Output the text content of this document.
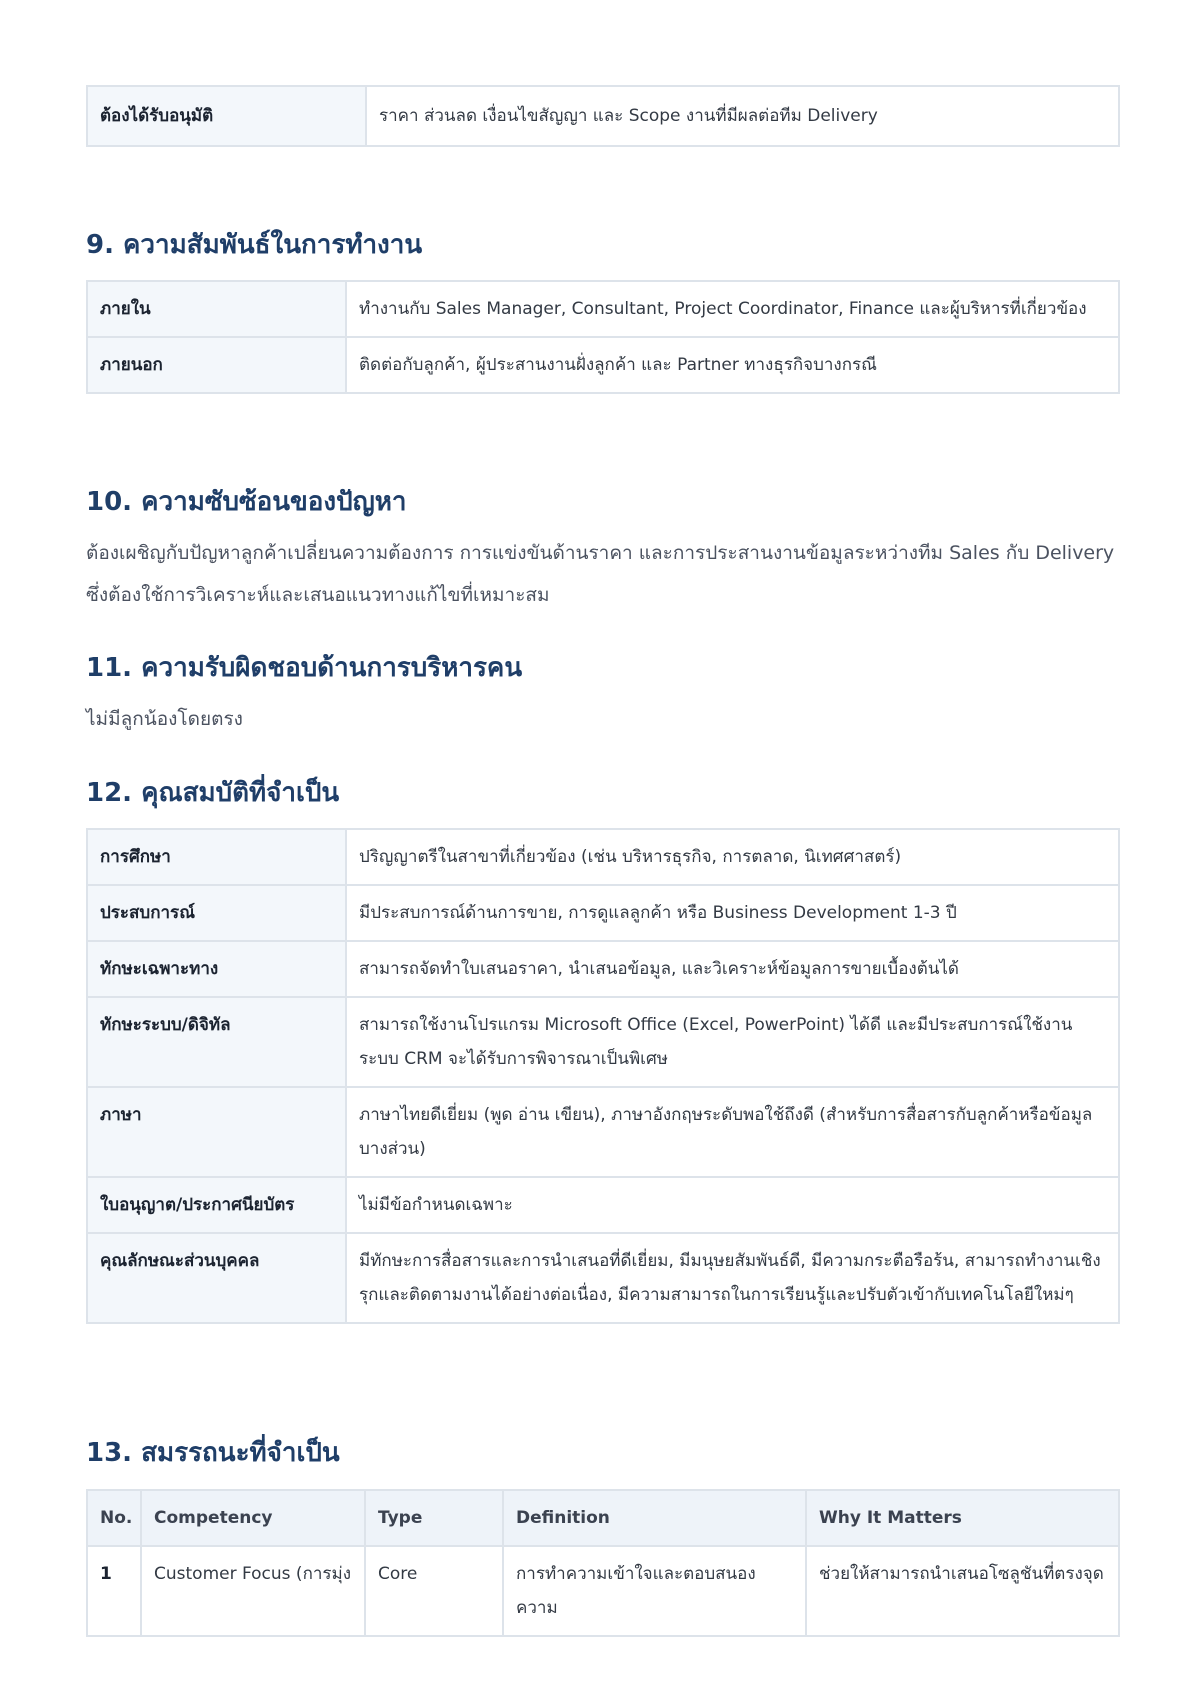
ต้องได้รับอนุมัติ	ราคา ส่วนลด เงื่อนไขสัญญา และ Scope งานที่มีผลต่อทีม Delivery
9. ความสัมพันธ์ในการทำงาน
ภายใน	ทำงานกับ Sales Manager, Consultant, Project Coordinator, Finance และผู้บริหารที่เกี่ยวข้อง
ภายนอก	ติดต่อกับลูกค้า, ผู้ประสานงานฝั่งลูกค้า และ Partner ทางธุรกิจบางกรณี
10. ความซับซ้อนของปัญหา

ต้องเผชิญกับปัญหาลูกค้าเปลี่ยนความต้องการ การแข่งขันด้านราคา และการประสานงานข้อมูลระหว่างทีม Sales กับ Delivery ซึ่งต้องใช้การวิเคราะห์และเสนอแนวทางแก้ไขที่เหมาะสม

11. ความรับผิดชอบด้านการบริหารคน

ไม่มีลูกน้องโดยตรง

12. คุณสมบัติที่จำเป็น
การศึกษา	ปริญญาตรีในสาขาที่เกี่ยวข้อง (เช่น บริหารธุรกิจ, การตลาด, นิเทศศาสตร์)
ประสบการณ์	มีประสบการณ์ด้านการขาย, การดูแลลูกค้า หรือ Business Development 1-3 ปี
ทักษะเฉพาะทาง	สามารถจัดทำใบเสนอราคา, นำเสนอข้อมูล, และวิเคราะห์ข้อมูลการขายเบื้องต้นได้
ทักษะระบบ/ดิจิทัล	สามารถใช้งานโปรแกรม Microsoft Office (Excel, PowerPoint) ได้ดี และมีประสบการณ์ใช้งานระบบ CRM จะได้รับการพิจารณาเป็นพิเศษ
ภาษา	ภาษาไทยดีเยี่ยม (พูด อ่าน เขียน), ภาษาอังกฤษระดับพอใช้ถึงดี (สำหรับการสื่อสารกับลูกค้าหรือข้อมูลบางส่วน)
ใบอนุญาต/ประกาศนียบัตร	ไม่มีข้อกำหนดเฉพาะ
คุณลักษณะส่วนบุคคล	มีทักษะการสื่อสารและการนำเสนอที่ดีเยี่ยม, มีมนุษยสัมพันธ์ดี, มีความกระตือรือร้น, สามารถทำงานเชิงรุกและติดตามงานได้อย่างต่อเนื่อง, มีความสามารถในการเรียนรู้และปรับตัวเข้ากับเทคโนโลยีใหม่ๆ
13. สมรรถนะที่จำเป็น
No.	Competency	Type	Definition	Why It Matters
1	Customer Focus (การมุ่ง	Core	การทำความเข้าใจและตอบสนองความ	ช่วยให้สามารถนำเสนอโซลูชันที่ตรงจุด
